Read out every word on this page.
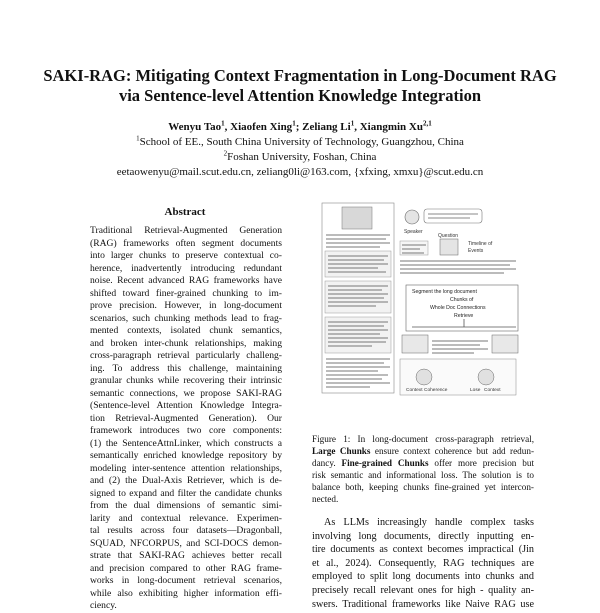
SAKI-RAG: Mitigating Context Fragmentation in Long-Document RAG
via Sentence-level Attention Knowledge Integration
Wenyu Tao$^1$, Xiaofen Xing$^1$; Zeliang Li$^1$, Xiangmin Xu$^{2,1}$
$^1$School of EE., South China University of Technology, Guangzhou, China
$^2$Foshan University, Foshan, China
eetaowenyu@mail.scut.edu.cn, zeliang0li@163.com, {xfxing, xmxu}@scut.edu.cn
Abstract
Traditional Retrieval-Augmented Generation
(RAG) frameworks often segment documents
into larger chunks to preserve contextual co-
herence, inadvertently introducing redundant
noise. Recent advanced RAG frameworks have
shifted toward finer-grained chunking to im-
prove precision. However, in long-document
scenarios, such chunking methods lead to frag-
mented contexts, isolated chunk semantics,
and broken inter-chunk relationships, making
cross-paragraph retrieval particularly challeng-
ing. To address this challenge, maintaining
granular chunks while recovering their intrinsic
semantic connections, we propose SAKI-RAG
(Sentence-level Attention Knowledge Integra-
tion Retrieval-Augmented Generation). Our
framework introduces two core components:
(1) the SentenceAttnLinker, which constructs a
semantically enriched knowledge repository by
modeling inter-sentence attention relationships,
and (2) the Dual-Axis Retriever, which is de-
signed to expand and filter the candidate chunks
from the dual dimensions of semantic simi-
larity and contextual relevance. Experimen-
tal results across four datasets—Dragonball,
SQUAD, NFCORPUS, and SCI-DOCS demon-
strate that SAKI-RAG achieves better recall
and precision compared to other RAG frame-
works in long-document retrieval scenarios,
while also exhibiting higher information effi-
ciency.
Speaker
Question
Timeline of
Events
Segment the long document
Chunks of
Whole Doc Connections
Retrieve
Context Coherence	Lose Context
Figure 1: In long-document cross-paragraph retrieval,
Large Chunks ensure context coherence but add redun-
dancy. Fine-grained Chunks offer more precision but
risk semantic and informational loss. The solution is to
balance both, keeping chunks fine-grained yet intercon-
nected.
As LLMs increasingly handle complex tasks
involving long documents, directly inputting en-
tire documents as context becomes impractical (Jin
et al., 2024). Consequently, RAG techniques are
employed to split long documents into chunks and
precisely recall relevant ones for high - quality an-
swers. Traditional frameworks like Naive RAG use
